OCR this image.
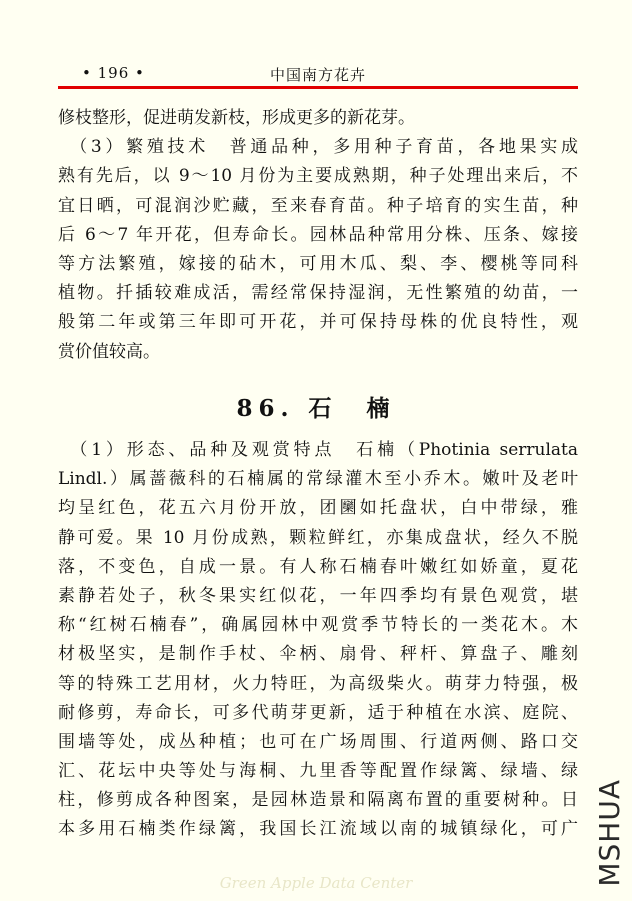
• 196 •	中国南方花卉
修枝整形，促进萌发新枝，形成更多的新花芽。
　（3）繁殖技术　普通品种，多用种子育苗，各地果实成
熟有先后，以 9～10 月份为主要成熟期，种子处理出来后，不
宜日晒，可混润沙贮藏，至来春育苗。种子培育的实生苗，种
后 6～7 年开花，但寿命长。园林品种常用分株、压条、嫁接
等方法繁殖，嫁接的砧木，可用木瓜、梨、李、樱桃等同科
植物。扦插较难成活，需经常保持湿润，无性繁殖的幼苗，一
般第二年或第三年即可开花，并可保持母株的优良特性，观
赏价值较高。
86. 石　楠
　（1）形态、品种及观赏特点　石楠（Photinia serrulata
Lindl.）属蔷薇科的石楠属的常绿灌木至小乔木。嫩叶及老叶
均呈红色，花五六月份开放，团圞如托盘状，白中带绿，雅
静可爱。果 10 月份成熟，颗粒鲜红，亦集成盘状，经久不脱
落，不变色，自成一景。有人称石楠春叶嫩红如娇童，夏花
素静若处子，秋冬果实红似花，一年四季均有景色观赏，堪
称“红树石楠春”，确属园林中观赏季节特长的一类花木。木
材极坚实，是制作手杖、伞柄、扇骨、秤杆、算盘子、雕刻
等的特殊工艺用材，火力特旺，为高级柴火。萌芽力特强，极
耐修剪，寿命长，可多代萌芽更新，适于种植在水滨、庭院、
围墙等处，成丛种植；也可在广场周围、行道两侧、路口交
汇、花坛中央等处与海桐、九里香等配置作绿篱、绿墙、绿
柱，修剪成各种图案，是园林造景和隔离布置的重要树种。日
本多用石楠类作绿篱，我国长江流域以南的城镇绿化，可广 MSHUA
Green Apple Data Center
